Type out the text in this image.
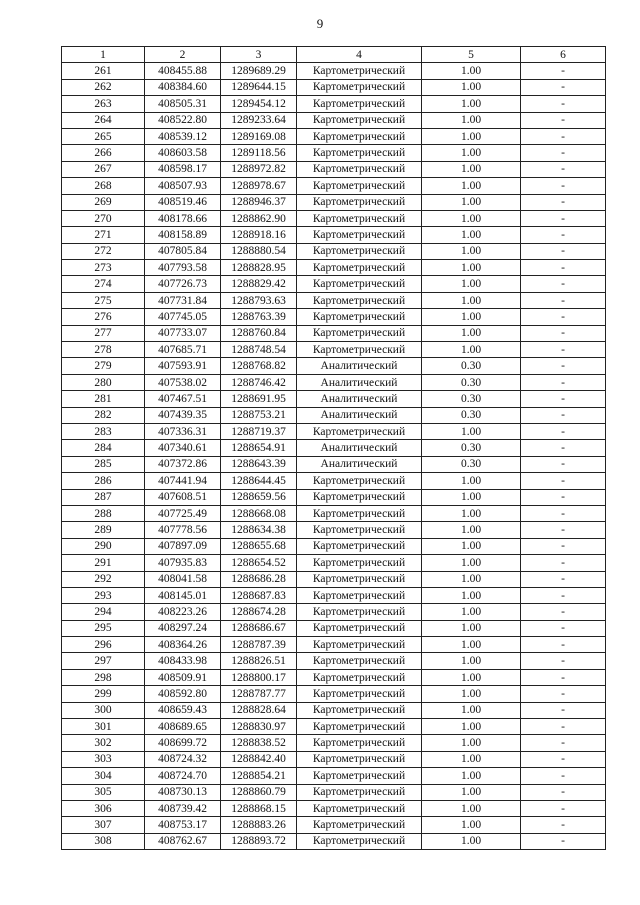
9
1	2	3	4	5	6
261	408455.88	1289689.29	Картометрический	1.00	-
262	408384.60	1289644.15	Картометрический	1.00	-
263	408505.31	1289454.12	Картометрический	1.00	-
264	408522.80	1289233.64	Картометрический	1.00	-
265	408539.12	1289169.08	Картометрический	1.00	-
266	408603.58	1289118.56	Картометрический	1.00	-
267	408598.17	1288972.82	Картометрический	1.00	-
268	408507.93	1288978.67	Картометрический	1.00	-
269	408519.46	1288946.37	Картометрический	1.00	-
270	408178.66	1288862.90	Картометрический	1.00	-
271	408158.89	1288918.16	Картометрический	1.00	-
272	407805.84	1288880.54	Картометрический	1.00	-
273	407793.58	1288828.95	Картометрический	1.00	-
274	407726.73	1288829.42	Картометрический	1.00	-
275	407731.84	1288793.63	Картометрический	1.00	-
276	407745.05	1288763.39	Картометрический	1.00	-
277	407733.07	1288760.84	Картометрический	1.00	-
278	407685.71	1288748.54	Картометрический	1.00	-
279	407593.91	1288768.82	Аналитический	0.30	-
280	407538.02	1288746.42	Аналитический	0.30	-
281	407467.51	1288691.95	Аналитический	0.30	-
282	407439.35	1288753.21	Аналитический	0.30	-
283	407336.31	1288719.37	Картометрический	1.00	-
284	407340.61	1288654.91	Аналитический	0.30	-
285	407372.86	1288643.39	Аналитический	0.30	-
286	407441.94	1288644.45	Картометрический	1.00	-
287	407608.51	1288659.56	Картометрический	1.00	-
288	407725.49	1288668.08	Картометрический	1.00	-
289	407778.56	1288634.38	Картометрический	1.00	-
290	407897.09	1288655.68	Картометрический	1.00	-
291	407935.83	1288654.52	Картометрический	1.00	-
292	408041.58	1288686.28	Картометрический	1.00	-
293	408145.01	1288687.83	Картометрический	1.00	-
294	408223.26	1288674.28	Картометрический	1.00	-
295	408297.24	1288686.67	Картометрический	1.00	-
296	408364.26	1288787.39	Картометрический	1.00	-
297	408433.98	1288826.51	Картометрический	1.00	-
298	408509.91	1288800.17	Картометрический	1.00	-
299	408592.80	1288787.77	Картометрический	1.00	-
300	408659.43	1288828.64	Картометрический	1.00	-
301	408689.65	1288830.97	Картометрический	1.00	-
302	408699.72	1288838.52	Картометрический	1.00	-
303	408724.32	1288842.40	Картометрический	1.00	-
304	408724.70	1288854.21	Картометрический	1.00	-
305	408730.13	1288860.79	Картометрический	1.00	-
306	408739.42	1288868.15	Картометрический	1.00	-
307	408753.17	1288883.26	Картометрический	1.00	-
308	408762.67	1288893.72	Картометрический	1.00	-
